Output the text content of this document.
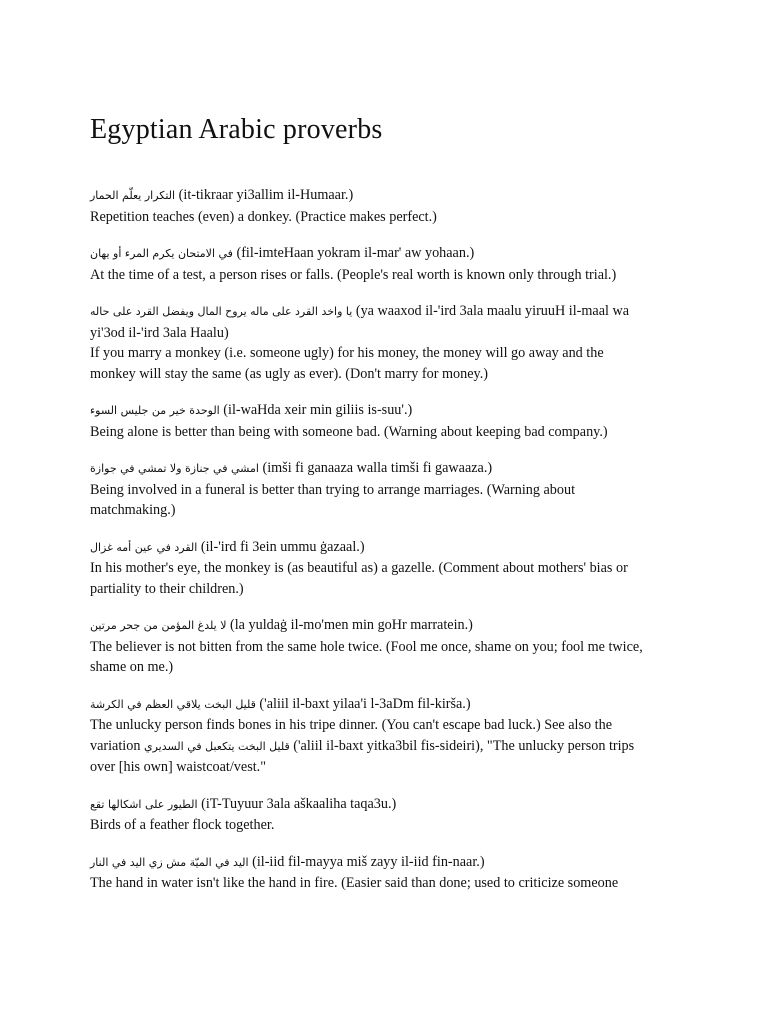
Egyptian Arabic proverbs

التكرار يعلّم الحمار (it-tikraar yi3allim il-Humaar.)

Repetition teaches (even) a donkey. (Practice makes perfect.)

في الامتحان يكرم المرء أو يهان (fil-imteHaan yokram il-mar' aw yohaan.)

At the time of a test, a person rises or falls. (People's real worth is known only through trial.)

يا واخد القرد على ماله يروح المال ويفضل القرد على حاله (ya waaxod il-'ird 3ala maalu yiruuH il-maal wa

yi'3od il-'ird 3ala Haalu)

If you marry a monkey (i.e. someone ugly) for his money, the money will go away and the

monkey will stay the same (as ugly as ever). (Don't marry for money.)

الوحدة خير من جليس السوء (il-waHda xeir min giliis is-suu'.)

Being alone is better than being with someone bad. (Warning about keeping bad company.)

امشي في جنازة ولا تمشي في جوازة (imši fi ganaaza walla timši fi gawaaza.)

Being involved in a funeral is better than trying to arrange marriages. (Warning about

matchmaking.)

القرد في عين أمه غزال (il-'ird fi 3ein ummu ġazaal.)

In his mother's eye, the monkey is (as beautiful as) a gazelle. (Comment about mothers' bias or

partiality to their children.)

لا يلدغ المؤمن من جحر مرتين (la yuldaġ il-mo'men min goHr marratein.)

The believer is not bitten from the same hole twice. (Fool me once, shame on you; fool me twice,

shame on me.)

قليل البخت يلاقي العظم في الكرشة ('aliil il-baxt yilaa'i l-3aDm fil-kirša.)

The unlucky person finds bones in his tripe dinner. (You can't escape bad luck.) See also the

variation قليل البخت يتكعبل في السديري ('aliil il-baxt yitka3bil fis-sideiri), "The unlucky person trips

over [his own] waistcoat/vest."

الطيور على اشكالها تقع (iT-Tuyuur 3ala aškaaliha taqa3u.)

Birds of a feather flock together.

اليد في الميّة مش زي اليد في النار (il-iid fil-mayya miš zayy il-iid fin-naar.)

The hand in water isn't like the hand in fire. (Easier said than done; used to criticize someone
